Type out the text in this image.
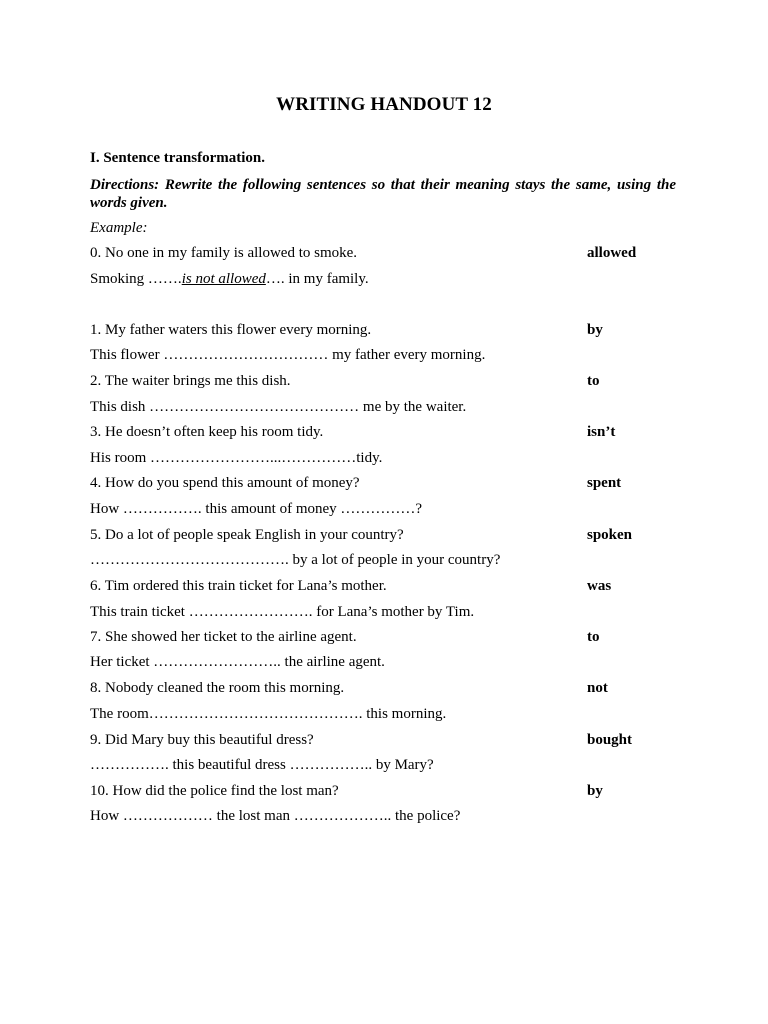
WRITING HANDOUT 12
I. Sentence transformation.
Directions: Rewrite the following sentences so that their meaning stays the same, using the words given.
Example:
0. No one in my family is allowed to smoke.	allowed
Smoking …….is not allowed…. in my family.
1. My father waters this flower every morning.	by
This flower …………………………… my father every morning.
2. The waiter brings me this dish.	to
This dish …………………………………… me by the waiter.
3. He doesn’t often keep his room tidy.	isn’t
His room ……………………...……………tidy.
4. How do you spend this amount of money?	spent
How ……………. this amount of money ……………?
5. Do a lot of people speak English in your country?	spoken
…………………………………. by a lot of people in your country?
6. Tim ordered this train ticket for Lana’s mother.	was
This train ticket ……………………. for Lana’s mother by Tim.
7. She showed her ticket to the airline agent.	to
Her ticket …………………….. the airline agent.
8. Nobody cleaned the room this morning.	not
The room……………………………………. this morning.
9. Did Mary buy this beautiful dress?	bought
……………. this beautiful dress …………….. by Mary?
10. How did the police find the lost man?	by
How ……………… the lost man ……………….. the police?
